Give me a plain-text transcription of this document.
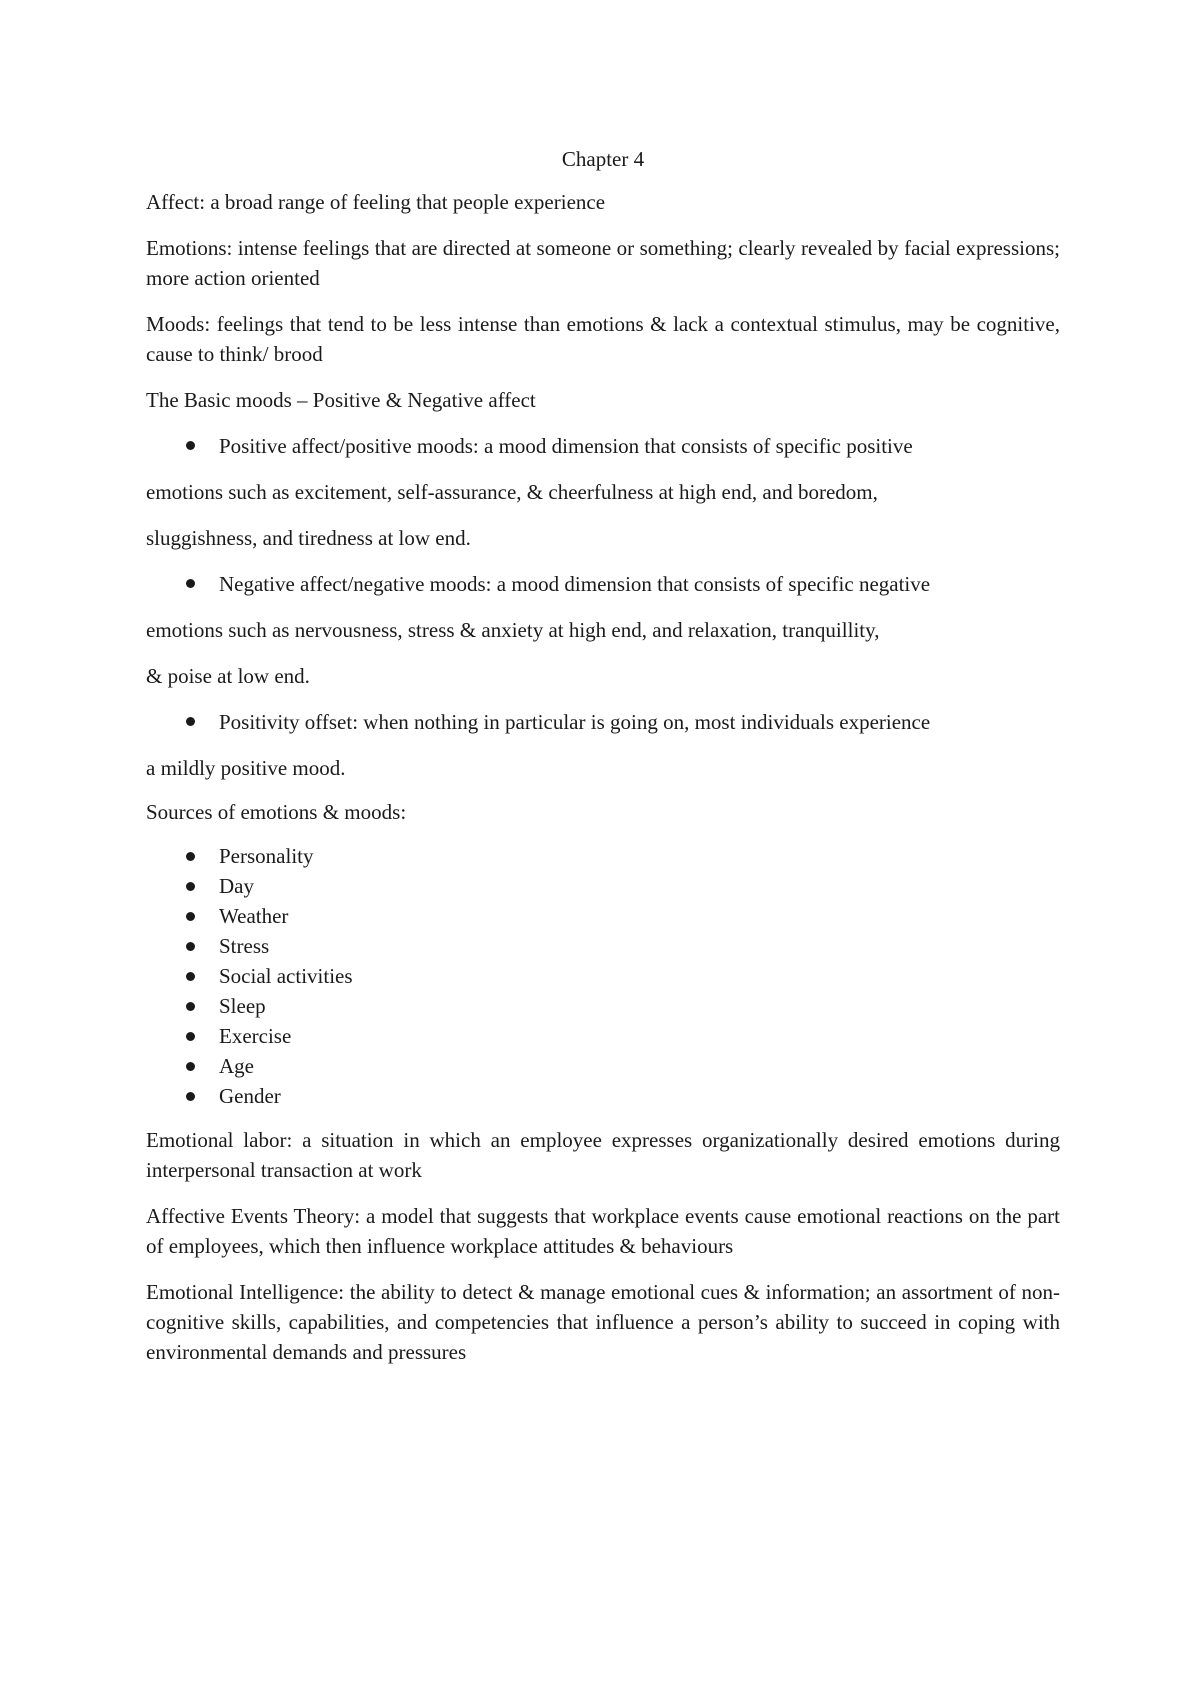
Chapter 4

Affect: a broad range of feeling that people experience

Emotions: intense feelings that are directed at someone or something; clearly revealed by facial expressions; more action oriented

Moods: feelings that tend to be less intense than emotions & lack a contextual stimulus, may be cognitive, cause to think/ brood

The Basic moods – Positive & Negative affect

Positive affect/positive moods: a mood dimension that consists of specific positive
emotions such as excitement, self-assurance, & cheerfulness at high end, and boredom,
sluggishness, and tiredness at low end.
Negative affect/negative moods: a mood dimension that consists of specific negative
emotions such as nervousness, stress & anxiety at high end, and relaxation, tranquillity,
& poise at low end.
Positivity offset: when nothing in particular is going on, most individuals experience
a mildly positive mood.

Sources of emotions & moods:

Personality
Day
Weather
Stress
Social activities
Sleep
Exercise
Age
Gender

Emotional labor: a situation in which an employee expresses organizationally desired emotions during interpersonal transaction at work

Affective Events Theory: a model that suggests that workplace events cause emotional reactions on the part of employees, which then influence workplace attitudes & behaviours

Emotional Intelligence: the ability to detect & manage emotional cues & information; an assortment of non-cognitive skills, capabilities, and competencies that influence a person’s ability to succeed in coping with environmental demands and pressures
